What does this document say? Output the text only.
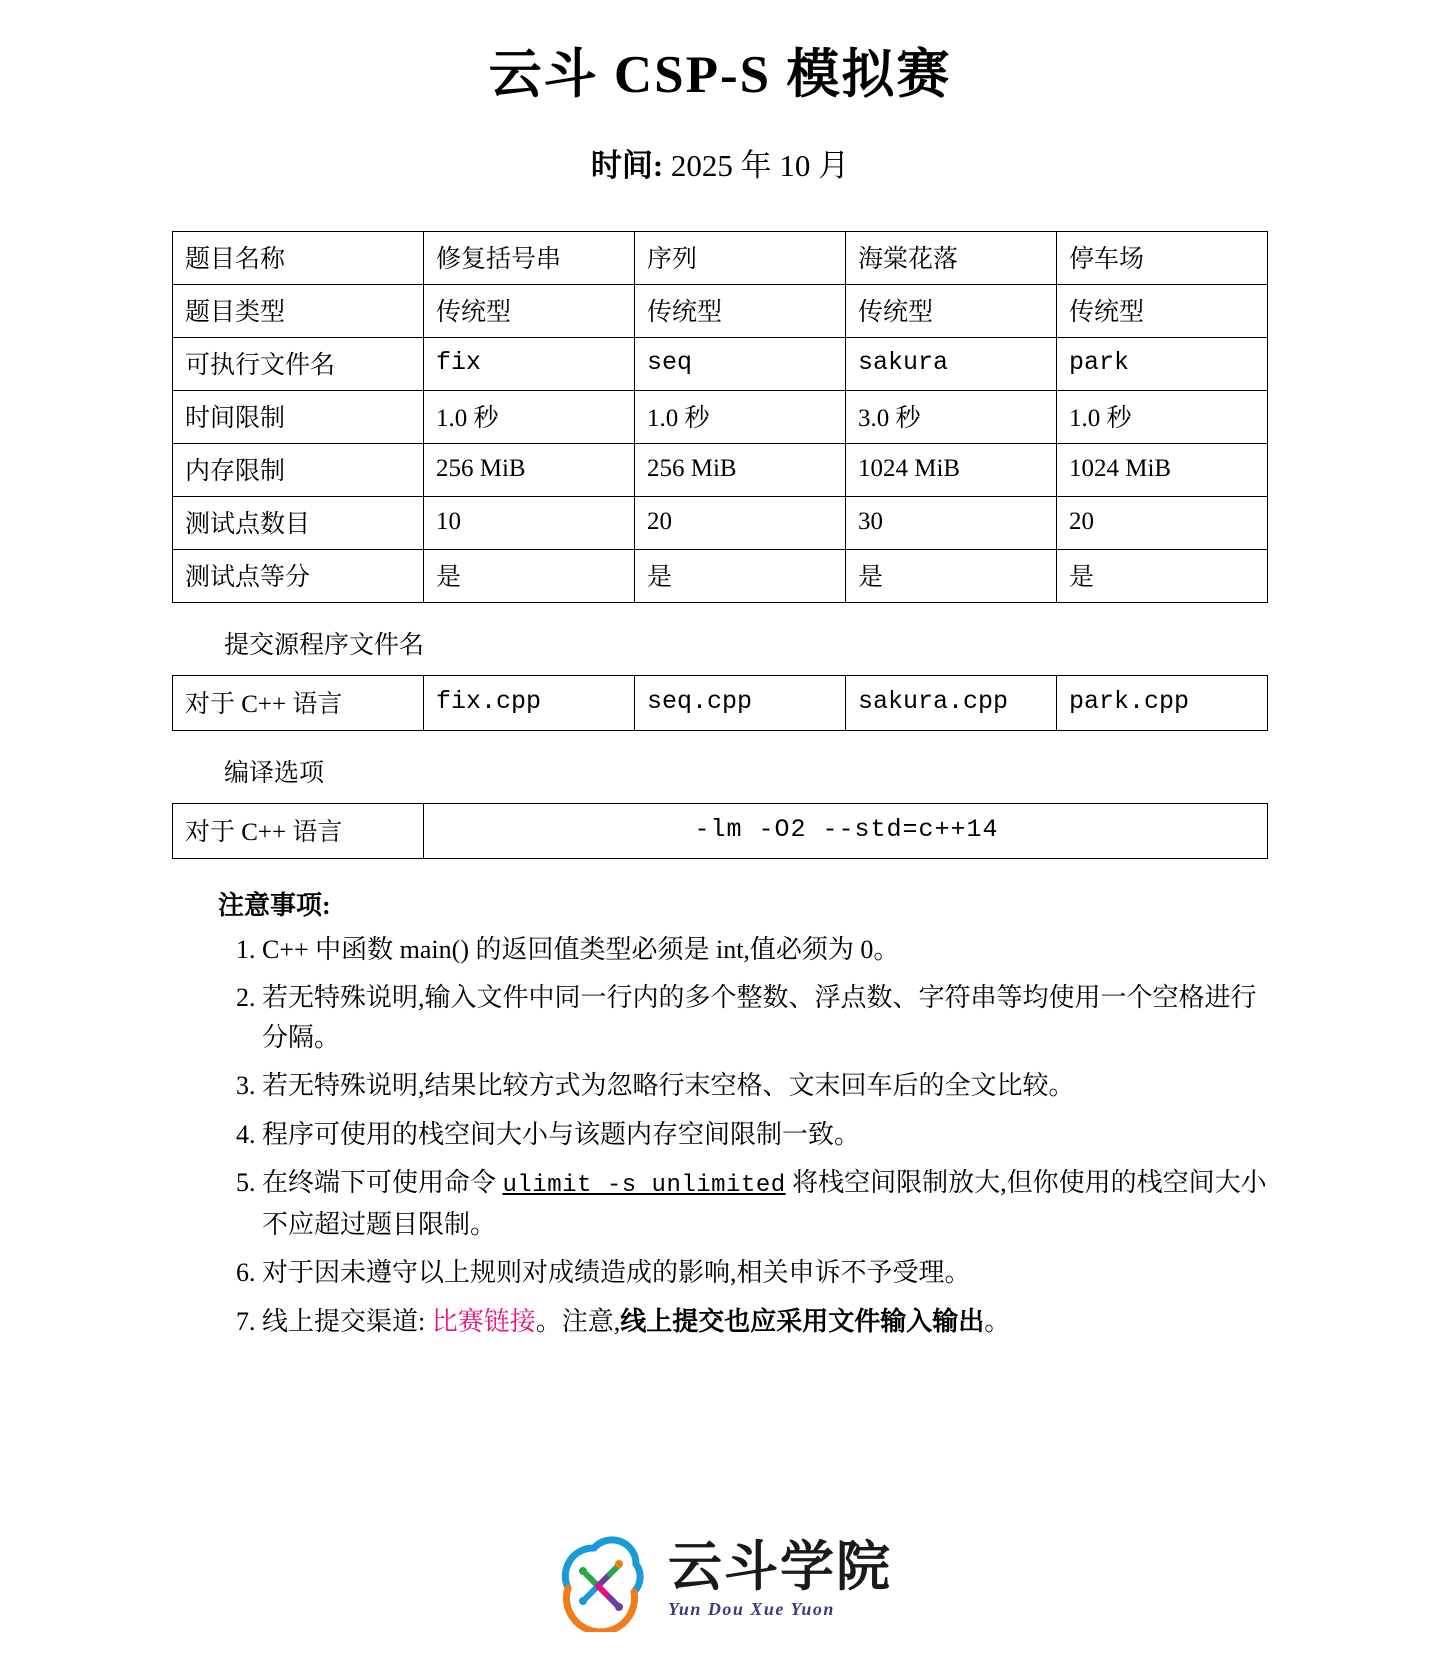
云斗 CSP-S 模拟赛
时间: 2025 年 10 月
题目名称	修复括号串	序列	海棠花落	停车场
题目类型	传统型	传统型	传统型	传统型
可执行文件名	fix	seq	sakura	park
时间限制	1.0 秒	1.0 秒	3.0 秒	1.0 秒
内存限制	256 MiB	256 MiB	1024 MiB	1024 MiB
测试点数目	10	20	30	20
测试点等分	是	是	是	是
提交源程序文件名
对于 C++ 语言	fix.cpp	seq.cpp	sakura.cpp	park.cpp
编译选项
对于 C++ 语言	-lm -O2 --std=c++14
注意事项:
1. C++ 中函数 main() 的返回值类型必须是 int,值必须为 0。
2. 若无特殊说明,输入文件中同一行内的多个整数、浮点数、字符串等均使用一个空格进行分隔。
3. 若无特殊说明,结果比较方式为忽略行末空格、文末回车后的全文比较。
4. 程序可使用的栈空间大小与该题内存空间限制一致。
5. 在终端下可使用命令 ulimit -s unlimited 将栈空间限制放大,但你使用的栈空间大小不应超过题目限制。
6. 对于因未遵守以上规则对成绩造成的影响,相关申诉不予受理。
7. 线上提交渠道: 比赛链接。注意,线上提交也应采用文件输入输出。
云斗学院
Yun Dou Xue Yuon
